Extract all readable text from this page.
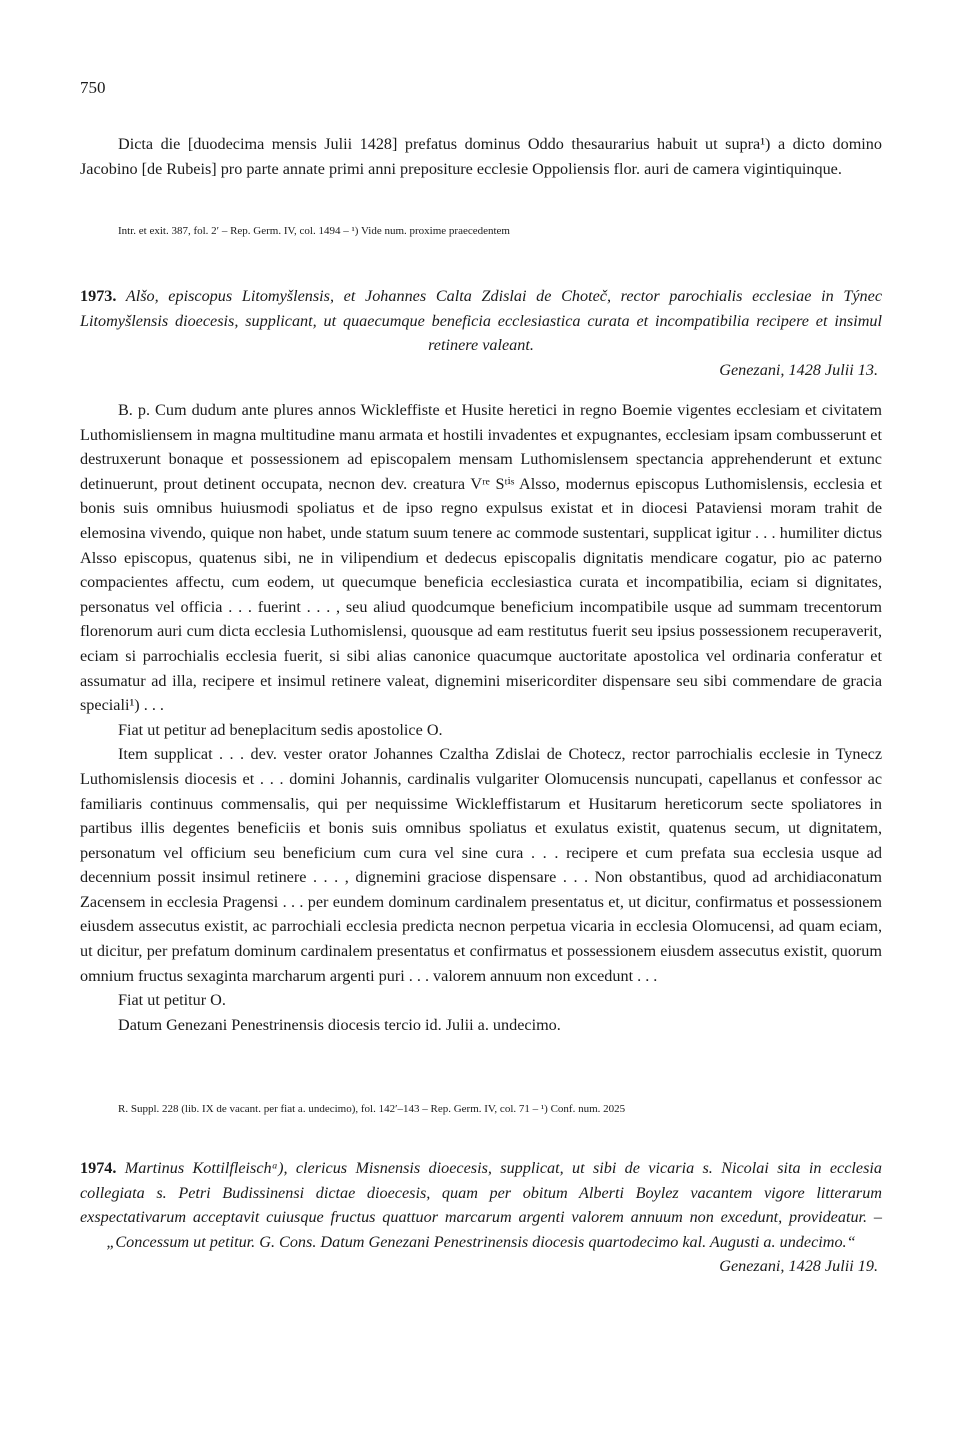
750

Dicta die [duodecima mensis Julii 1428] prefatus dominus Oddo thesaurarius habuit ut supra¹) a dicto domino Jacobino [de Rubeis] pro parte annate primi anni prepositure ecclesie Oppoliensis flor. auri de camera vigintiquinque.

Intr. et exit. 387, fol. 2′ – Rep. Germ. IV, col. 1494 – ¹) Vide num. proxime praecedentem

1973. Alšo, episcopus Litomyšlensis, et Johannes Calta Zdislai de Choteč, rector parochialis ecclesiae in Týnec Litomyšlensis dioecesis, supplicant, ut quaecumque beneficia ecclesiastica curata et incompatibilia recipere et insimul retinere valeant.

Genezani, 1428 Julii 13.

B. p. Cum dudum ante plures annos Wickleffiste et Husite heretici in regno Boemie vigentes ecclesiam et civitatem Luthomisliensem in magna multitudine manu armata et hostili invadentes et expugnantes, ecclesiam ipsam combusserunt et destruxerunt bonaque et possessionem ad episcopalem mensam Luthomislensem spectancia apprehenderunt et extunc detinuerunt, prout detinent occupata, necnon dev. creatura Vʳᵉ Sᵗⁱˢ Alsso, modernus episcopus Luthomislensis, ecclesia et bonis suis omnibus huiusmodi spoliatus et de ipso regno expulsus existat et in diocesi Pataviensi moram trahit de elemosina vivendo, quique non habet, unde statum suum tenere ac commode sustentari, supplicat igitur . . . humiliter dictus Alsso episcopus, quatenus sibi, ne in vilipendium et dedecus episcopalis dignitatis mendicare cogatur, pio ac paterno compacientes affectu, cum eodem, ut quecumque beneficia ecclesiastica curata et incompatibilia, eciam si dignitates, personatus vel officia . . . fuerint . . . , seu aliud quodcumque beneficium incompatibile usque ad summam trecentorum florenorum auri cum dicta ecclesia Luthomislensi, quousque ad eam restitutus fuerit seu ipsius possessionem recuperaverit, eciam si parrochialis ecclesia fuerit, si sibi alias canonice quacumque auctoritate apostolica vel ordinaria conferatur et assumatur ad illa, recipere et insimul retinere valeat, dignemini misericorditer dispensare seu sibi commendare de gracia speciali¹) . . .

Fiat ut petitur ad beneplacitum sedis apostolice O.

Item supplicat . . . dev. vester orator Johannes Czaltha Zdislai de Chotecz, rector parrochialis ecclesie in Tynecz Luthomislensis diocesis et . . . domini Johannis, cardinalis vulgariter Olomucensis nuncupati, capellanus et confessor ac familiaris continuus commensalis, qui per nequissime Wickleffistarum et Husitarum hereticorum secte spoliatores in partibus illis degentes beneficiis et bonis suis omnibus spoliatus et exulatus existit, quatenus secum, ut dignitatem, personatum vel officium seu beneficium cum cura vel sine cura . . . recipere et cum prefata sua ecclesia usque ad decennium possit insimul retinere . . . , dignemini graciose dispensare . . . Non obstantibus, quod ad archidiaconatum Zacensem in ecclesia Pragensi . . . per eundem dominum cardinalem presentatus et, ut dicitur, confirmatus et possessionem eiusdem assecutus existit, ac parrochiali ecclesia predicta necnon perpetua vicaria in ecclesia Olomucensi, ad quam eciam, ut dicitur, per prefatum dominum cardinalem presentatus et confirmatus et possessionem eiusdem assecutus existit, quorum omnium fructus sexaginta marcharum argenti puri . . . valorem annuum non excedunt . . .

Fiat ut petitur O.

Datum Genezani Penestrinensis diocesis tercio id. Julii a. undecimo.

R. Suppl. 228 (lib. IX de vacant. per fiat a. undecimo), fol. 142′–143 – Rep. Germ. IV, col. 71 – ¹) Conf. num. 2025

1974. Martinus Kottilfleischᵃ), clericus Misnensis dioecesis, supplicat, ut sibi de vicaria s. Nicolai sita in ecclesia collegiata s. Petri Budissinensi dictae dioecesis, quam per obitum Alberti Boylez vacantem vigore litterarum exspectativarum acceptavit cuiusque fructus quattuor marcarum argenti valorem annuum non excedunt, provideatur. – „Concessum ut petitur. G. Cons. Datum Genezani Penestrinensis diocesis quartodecimo kal. Augusti a. undecimo.“

Genezani, 1428 Julii 19.
